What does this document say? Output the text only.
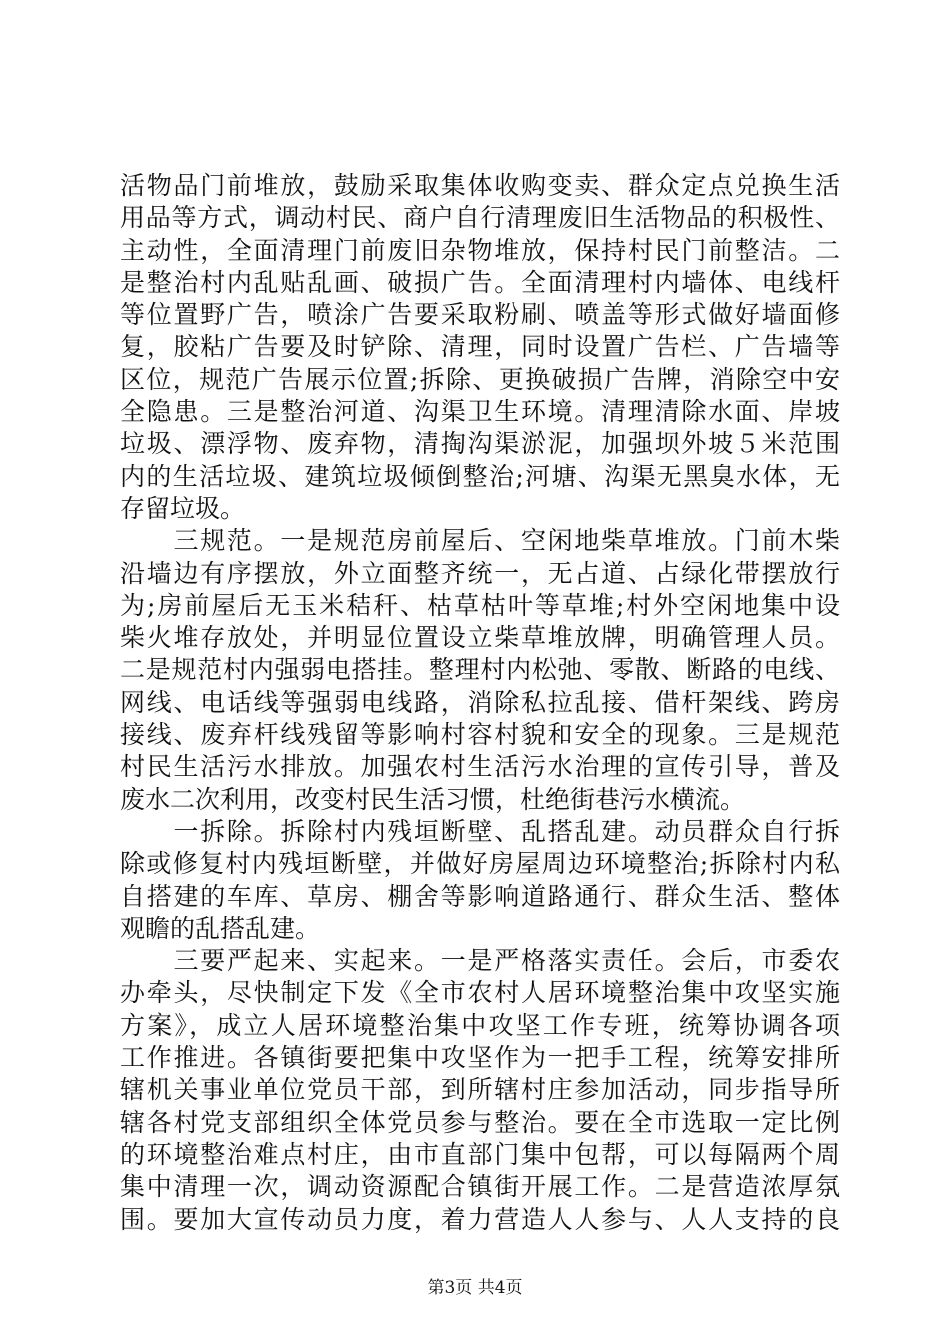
活物品门前堆放，鼓励采取集体收购变卖、群众定点兑换生活
用品等方式，调动村民、商户自行清理废旧生活物品的积极性、
主动性，全面清理门前废旧杂物堆放，保持村民门前整洁。二
是整治村内乱贴乱画、破损广告。全面清理村内墙体、电线杆
等位置野广告，喷涂广告要采取粉刷、喷盖等形式做好墙面修
复，胶粘广告要及时铲除、清理，同时设置广告栏、广告墙等
区位，规范广告展示位置;拆除、更换破损广告牌，消除空中安
全隐患。三是整治河道、沟渠卫生环境。清理清除水面、岸坡
垃圾、漂浮物、废弃物，清掏沟渠淤泥，加强坝外坡５米范围
内的生活垃圾、建筑垃圾倾倒整治;河塘、沟渠无黑臭水体，无
存留垃圾。
　　三规范。一是规范房前屋后、空闲地柴草堆放。门前木柴
沿墙边有序摆放，外立面整齐统一，无占道、占绿化带摆放行
为;房前屋后无玉米秸秆、枯草枯叶等草堆;村外空闲地集中设
柴火堆存放处，并明显位置设立柴草堆放牌，明确管理人员。
二是规范村内强弱电搭挂。整理村内松弛、零散、断路的电线、
网线、电话线等强弱电线路，消除私拉乱接、借杆架线、跨房
接线、废弃杆线残留等影响村容村貌和安全的现象。三是规范
村民生活污水排放。加强农村生活污水治理的宣传引导，普及
废水二次利用，改变村民生活习惯，杜绝街巷污水横流。
　　一拆除。拆除村内残垣断壁、乱搭乱建。动员群众自行拆
除或修复村内残垣断壁，并做好房屋周边环境整治;拆除村内私
自搭建的车库、草房、棚舍等影响道路通行、群众生活、整体
观瞻的乱搭乱建。
　　三要严起来、实起来。一是严格落实责任。会后，市委农
办牵头，尽快制定下发《全市农村人居环境整治集中攻坚实施
方案》，成立人居环境整治集中攻坚工作专班，统筹协调各项
工作推进。各镇街要把集中攻坚作为一把手工程，统筹安排所
辖机关事业单位党员干部，到所辖村庄参加活动，同步指导所
辖各村党支部组织全体党员参与整治。要在全市选取一定比例
的环境整治难点村庄，由市直部门集中包帮，可以每隔两个周
集中清理一次，调动资源配合镇街开展工作。二是营造浓厚氛
围。要加大宣传动员力度，着力营造人人参与、人人支持的良
第3页 共4页
